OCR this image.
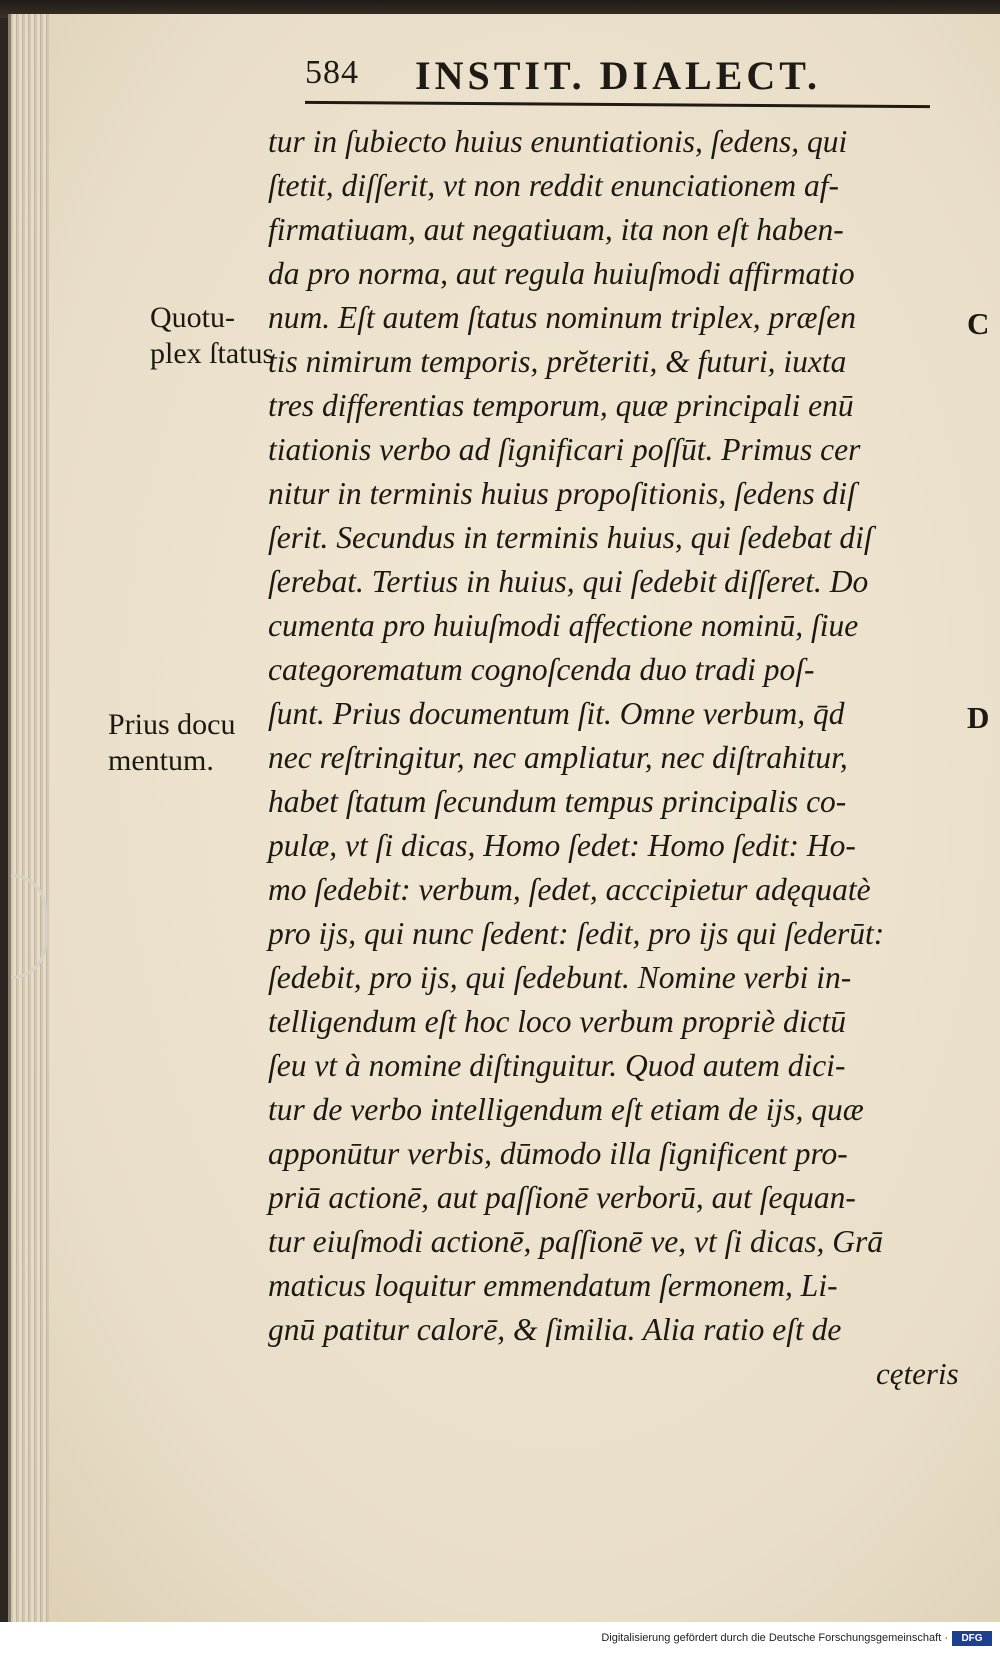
584 INSTIT. DIALECT.
Quotu-
plex ſtatus
Prius docu
mentum.
C
D
tur in ſubiecto huius enuntiationis, ſedens, qui
ſtetit, diſſerit, vt non reddit enunciationem af-
firmatiuam, aut negatiuam, ita non eſt haben-
da pro norma, aut regula huiuſmodi affirmatio
num. Eſt autem ſtatus nominum triplex, præſen
tis nimirum temporis, prĕteriti, & futuri, iuxta
tres differentias temporum, quæ principali enū
tiationis verbo ad ſignificari poſſūt. Primus cer
nitur in terminis huius propoſitionis, ſedens diſ
ſerit. Secundus in terminis huius, qui ſedebat diſ
ſerebat. Tertius in huius, qui ſedebit diſſeret. Do
cumenta pro huiuſmodi affectione nominū, ſiue
categorematum cognoſcenda duo tradi poſ-
ſunt. Prius documentum ſit. Omne verbum, q̄d
nec reſtringitur, nec ampliatur, nec diſtrahitur,
habet ſtatum ſecundum tempus principalis co-
pulæ, vt ſi dicas, Homo ſedet: Homo ſedit: Ho-
mo ſedebit: verbum, ſedet, acccipietur adęquatè
pro ijs, qui nunc ſedent: ſedit, pro ijs qui ſederūt:
ſedebit, pro ijs, qui ſedebunt. Nomine verbi in-
telligendum eſt hoc loco verbum propriè dictū
ſeu vt à nomine diſtinguitur. Quod autem dici-
tur de verbo intelligendum eſt etiam de ijs, quæ
apponūtur verbis, dūmodo illa ſignificent pro-
priā actionē, aut paſſionē verborū, aut ſequan-
tur eiuſmodi actionē, paſſionē ve, vt ſi dicas, Grā
maticus loquitur emmendatum ſermonem, Li-
gnū patitur calorē, & ſimilia. Alia ratio eſt de
cęteris
Digitalisierung gefördert durch die Deutsche Forschungsgemeinschaft ·	DFG
